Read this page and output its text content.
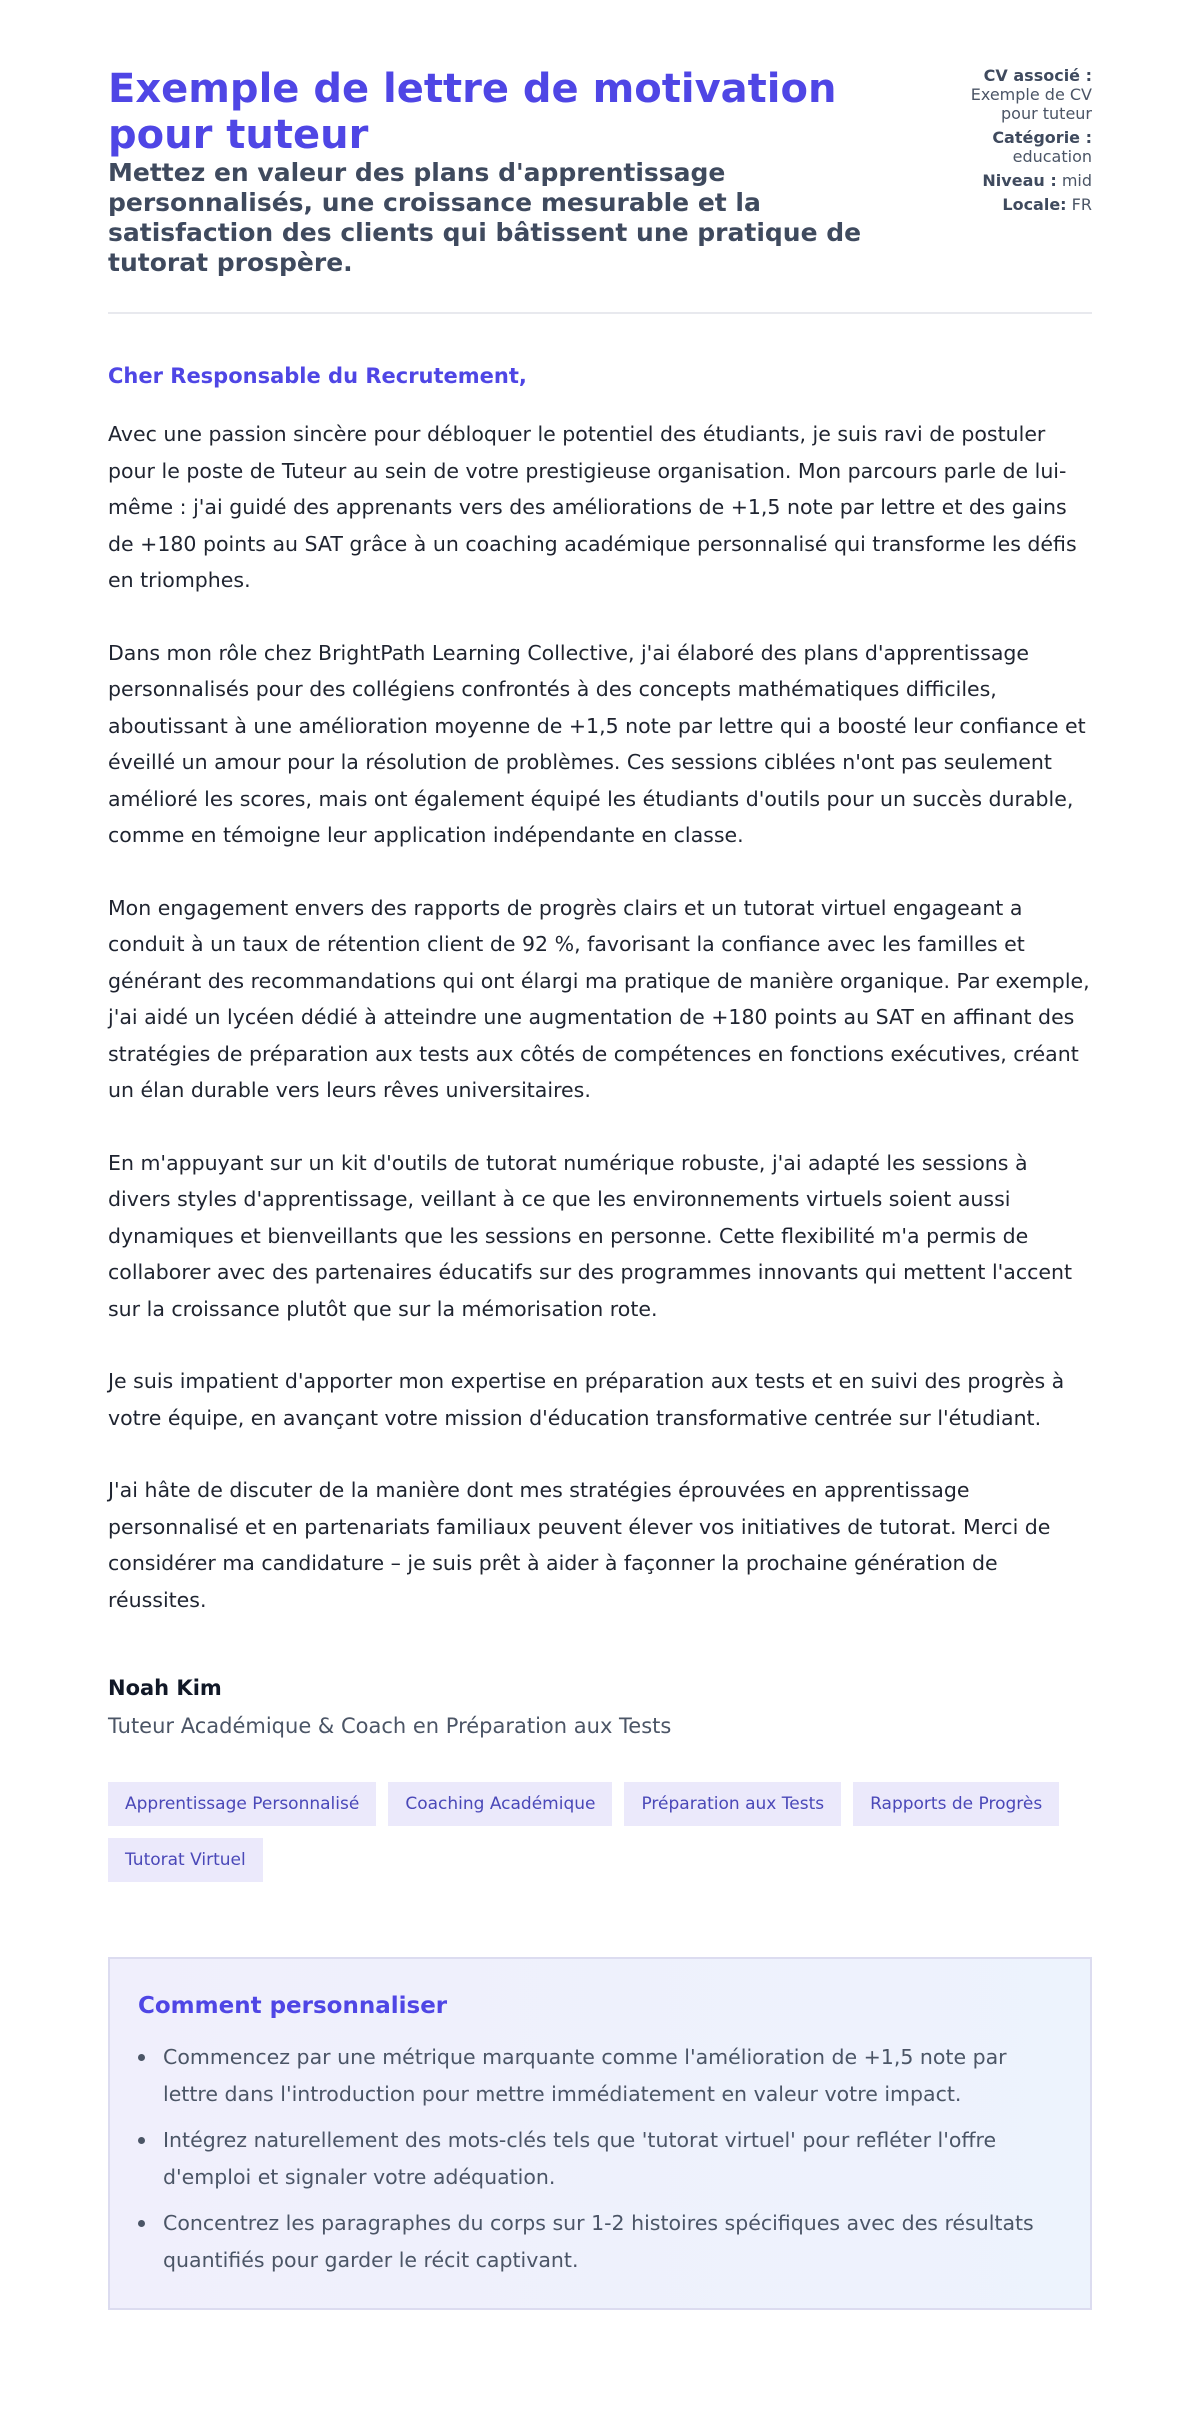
Exemple de lettre de motivation pour tuteur
Mettez en valeur des plans d'apprentissage personnalisés, une croissance mesurable et la satisfaction des clients qui bâtissent une pratique de tutorat prospère.
CV associé :
Exemple de CV pour tuteur
Catégorie :
education
Niveau : mid
Locale: FR
Cher Responsable du Recrutement,

Avec une passion sincère pour débloquer le potentiel des étudiants, je suis ravi de postuler pour le poste de Tuteur au sein de votre prestigieuse organisation. Mon parcours parle de lui-même : j'ai guidé des apprenants vers des améliorations de +1,5 note par lettre et des gains de +180 points au SAT grâce à un coaching académique personnalisé qui transforme les défis en triomphes.

Dans mon rôle chez BrightPath Learning Collective, j'ai élaboré des plans d'apprentissage personnalisés pour des collégiens confrontés à des concepts mathématiques difficiles, aboutissant à une amélioration moyenne de +1,5 note par lettre qui a boosté leur confiance et éveillé un amour pour la résolution de problèmes. Ces sessions ciblées n'ont pas seulement amélioré les scores, mais ont également équipé les étudiants d'outils pour un succès durable, comme en témoigne leur application indépendante en classe.

Mon engagement envers des rapports de progrès clairs et un tutorat virtuel engageant a conduit à un taux de rétention client de 92 %, favorisant la confiance avec les familles et générant des recommandations qui ont élargi ma pratique de manière organique. Par exemple, j'ai aidé un lycéen dédié à atteindre une augmentation de +180 points au SAT en affinant des stratégies de préparation aux tests aux côtés de compétences en fonctions exécutives, créant un élan durable vers leurs rêves universitaires.

En m'appuyant sur un kit d'outils de tutorat numérique robuste, j'ai adapté les sessions à divers styles d'apprentissage, veillant à ce que les environnements virtuels soient aussi dynamiques et bienveillants que les sessions en personne. Cette flexibilité m'a permis de collaborer avec des partenaires éducatifs sur des programmes innovants qui mettent l'accent sur la croissance plutôt que sur la mémorisation rote.

Je suis impatient d'apporter mon expertise en préparation aux tests et en suivi des progrès à votre équipe, en avançant votre mission d'éducation transformative centrée sur l'étudiant.

J'ai hâte de discuter de la manière dont mes stratégies éprouvées en apprentissage personnalisé et en partenariats familiaux peuvent élever vos initiatives de tutorat. Merci de considérer ma candidature – je suis prêt à aider à façonner la prochaine génération de réussites.

Noah Kim
Tuteur Académique & Coach en Préparation aux Tests
Apprentissage Personnalisé	Coaching Académique	Préparation aux Tests	Rapports de Progrès
Tutorat Virtuel
Comment personnaliser
Commencez par une métrique marquante comme l'amélioration de +1,5 note par lettre dans l'introduction pour mettre immédiatement en valeur votre impact.
Intégrez naturellement des mots-clés tels que 'tutorat virtuel' pour refléter l'offre d'emploi et signaler votre adéquation.
Concentrez les paragraphes du corps sur 1-2 histoires spécifiques avec des résultats quantifiés pour garder le récit captivant.
